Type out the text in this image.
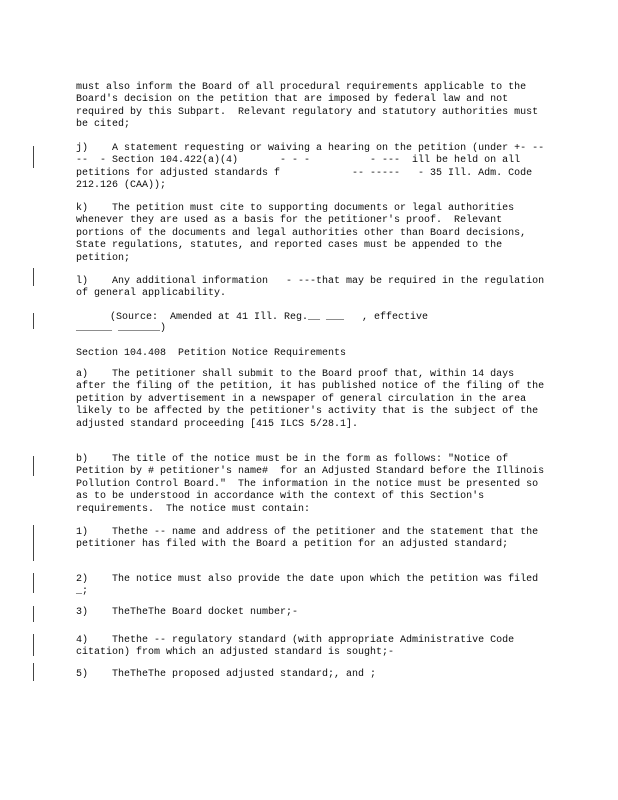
must also inform the Board of all procedural requirements applicable to the Board's decision on the petition that are imposed by federal law and not required by this Subpart.  Relevant regulatory and statutory authorities must be cited;
j)    A statement requesting or waiving a hearing on the petition (under +- ----  - Section 104.422(a)(4)       - - -          - ---  ill be held on all petitions for adjusted standards f            -- -----   - 35 Ill. Adm. Code 212.126 (CAA));
k)    The petition must cite to supporting documents or legal authorities whenever they are used as a basis for the petitioner's proof.  Relevant portions of the documents and legal authorities other than Board decisions, State regulations, statutes, and reported cases must be appended to the petition;
l)    Any additional information   - ---that may be required in the regulation of general applicability.
(Source:  Amended at 41 Ill. Reg.__ ___   , effective
______ _______)
Section 104.408  Petition Notice Requirements
a)    The petitioner shall submit to the Board proof that, within 14 days after the filing of the petition, it has published notice of the filing of the petition by advertisement in a newspaper of general circulation in the area likely to be affected by the petitioner's activity that is the subject of the adjusted standard proceeding [415 ILCS 5/28.1].
b)    The title of the notice must be in the form as follows: "Notice of Petition by # petitioner's name#  for an Adjusted Standard before the Illinois Pollution Control Board."  The information in the notice must be presented so as to be understood in accordance with the context of this Section's requirements.  The notice must contain:
1)    Thethe -- name and address of the petitioner and the statement that the petitioner has filed with the Board a petition for an adjusted standard;
2)    The notice must also provide the date upon which the petition was filed _;
3)    TheTheThe Board docket number;-
4)    Thethe -- regulatory standard (with appropriate Administrative Code citation) from which an adjusted standard is sought;-
5)    TheTheThe proposed adjusted standard;, and ;
